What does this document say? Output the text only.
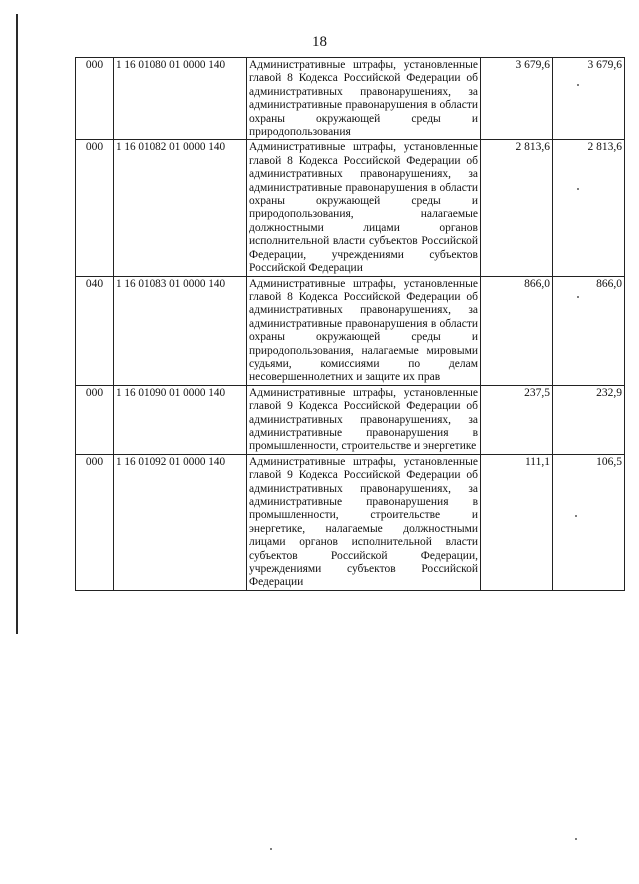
18
000	1 16 01080 01 0000 140	Административные штрафы, установленные главой 8 Кодекса Российской Федерации об административных правонарушениях, за административные правонарушения в области охраны окружающей среды и природопользования	3 679,6	3 679,6
000	1 16 01082 01 0000 140	Административные штрафы, установленные главой 8 Кодекса Российской Федерации об административных правонарушениях, за административные правонарушения в области охраны окружающей среды и природопользования, налагаемые должностными лицами органов исполнительной власти субъектов Российской Федерации, учреждениями субъектов Российской Федерации	2 813,6	2 813,6
040	1 16 01083 01 0000 140	Административные штрафы, установленные главой 8 Кодекса Российской Федерации об административных правонарушениях, за административные правонарушения в области охраны окружающей среды и природопользования, налагаемые мировыми судьями, комиссиями по делам несовершеннолетних и защите их прав	866,0	866,0
000	1 16 01090 01 0000 140	Административные штрафы, установленные главой 9 Кодекса Российской Федерации об административных правонарушениях, за административные правонарушения в промышленности, строительстве и энергетике	237,5	232,9
000	1 16 01092 01 0000 140	Административные штрафы, установленные главой 9 Кодекса Российской Федерации об административных правонарушениях, за административные правонарушения в промышленности, строительстве и энергетике, налагаемые должностными лицами органов исполнительной власти субъектов Российской Федерации, учреждениями субъектов Российской Федерации	111,1	106,5
